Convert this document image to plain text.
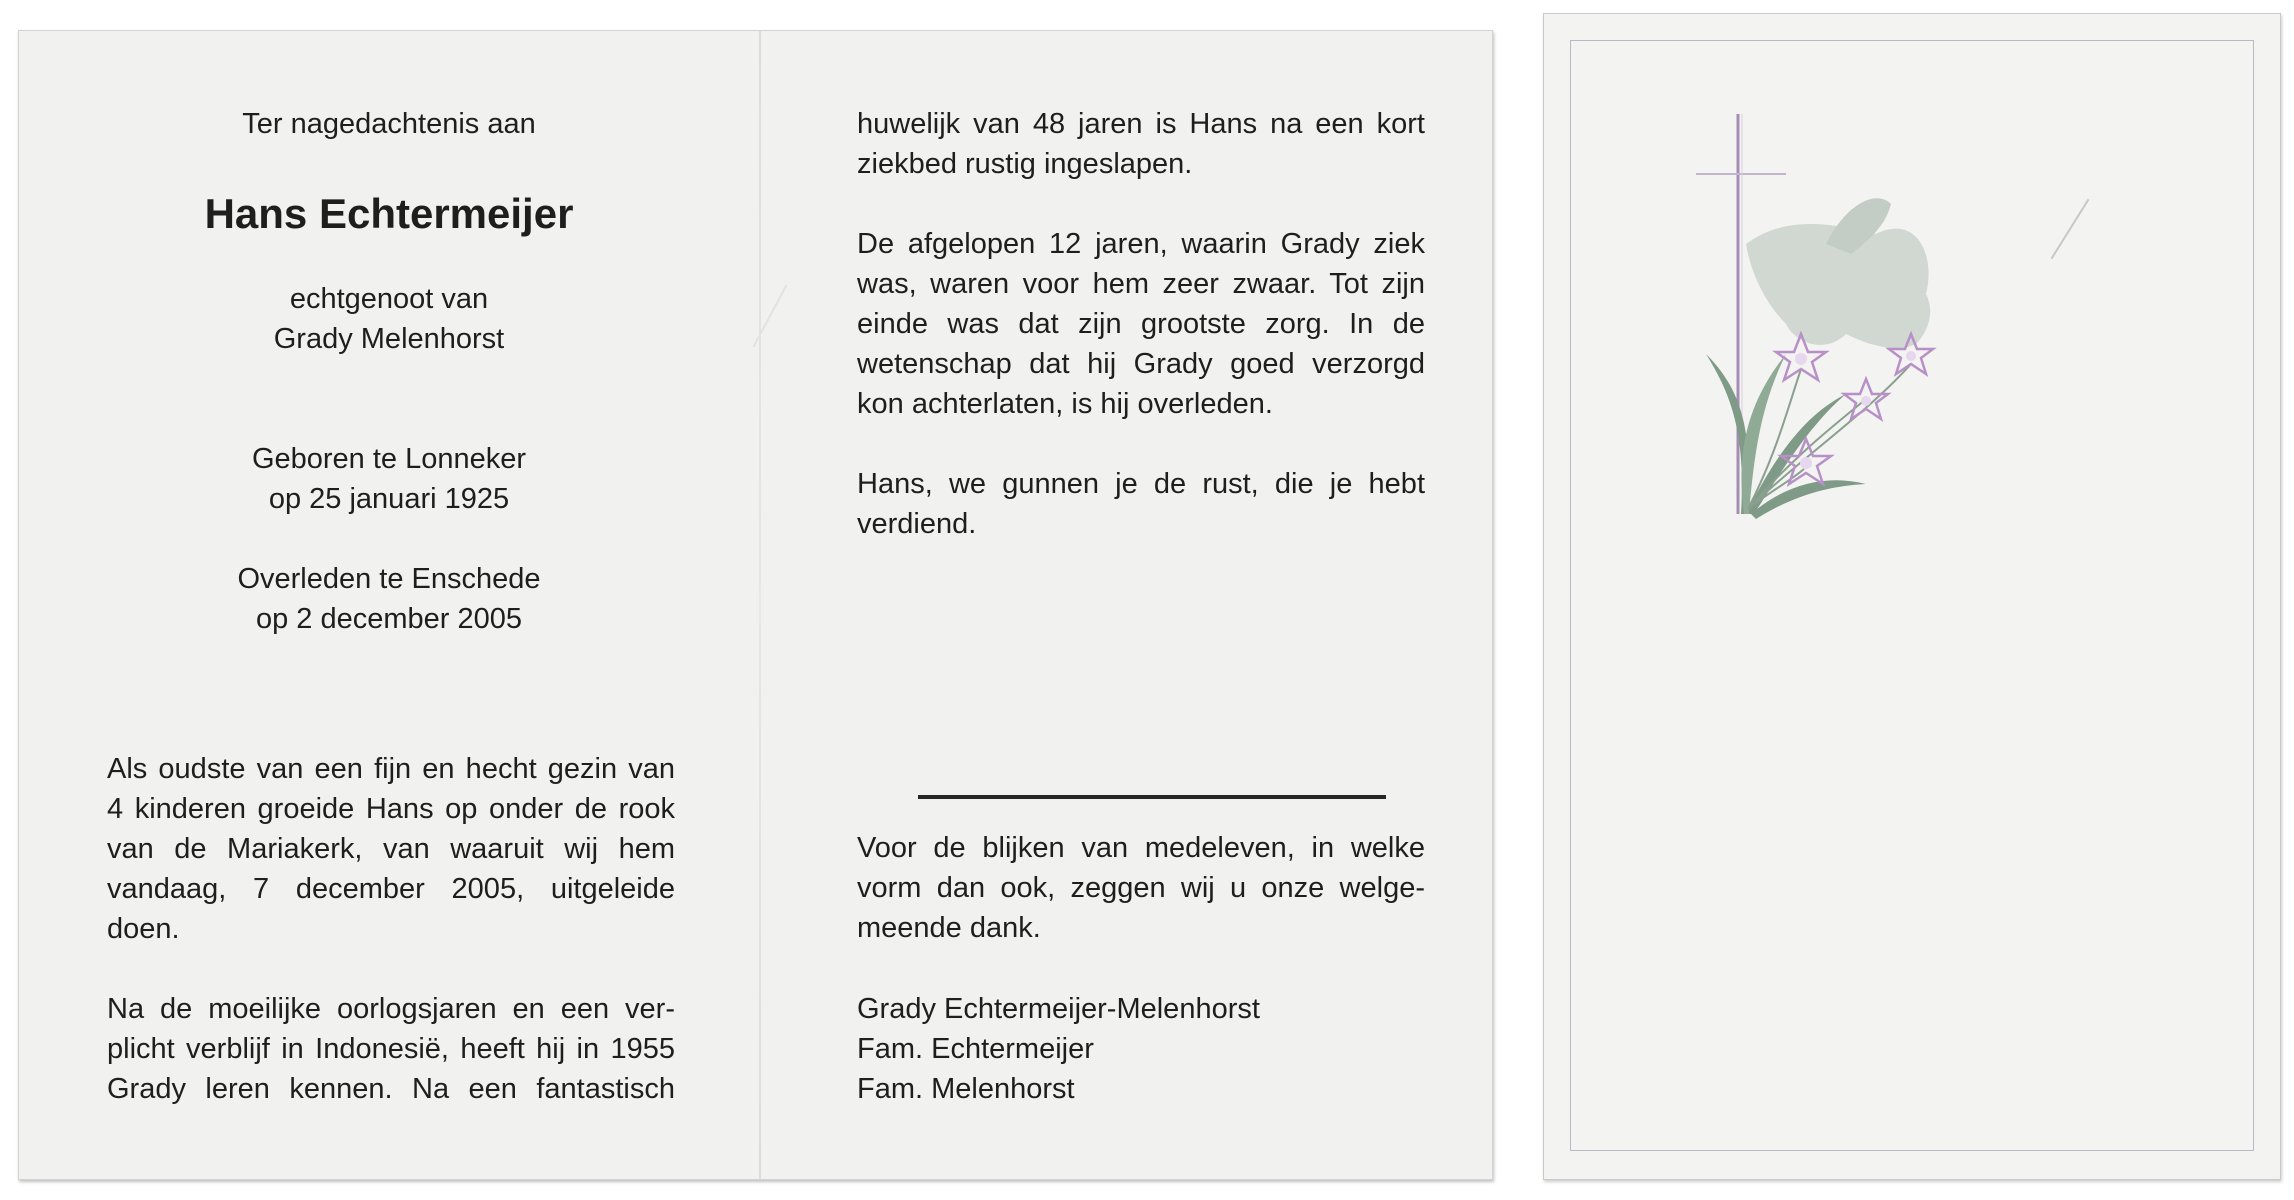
Ter nagedachtenis aan

Hans Echtermeijer

echtgenoot van

Grady Melenhorst

Geboren te Lonneker

op 25 januari 1925

Overleden te Enschede

op 2 december 2005

Als oudste van een fijn en hecht gezin van

4 kinderen groeide Hans op onder de rook

van de Mariakerk, van waaruit wij hem

vandaag, 7 december 2005, uitgeleide

doen.

Na de moeilijke oorlogsjaren en een ver-

plicht verblijf in Indonesië, heeft hij in 1955

Grady leren kennen. Na een fantastisch

huwelijk van 48 jaren is Hans na een kort

ziekbed rustig ingeslapen.

De afgelopen 12 jaren, waarin Grady ziek

was, waren voor hem zeer zwaar. Tot zijn

einde was dat zijn grootste zorg. In de

wetenschap dat hij Grady goed verzorgd

kon achterlaten, is hij overleden.

Hans, we gunnen je de rust, die je hebt

verdiend.

Voor de blijken van medeleven, in welke

vorm dan ook, zeggen wij u onze welge-

meende dank.

Grady Echtermeijer-Melenhorst

Fam. Echtermeijer

Fam. Melenhorst
